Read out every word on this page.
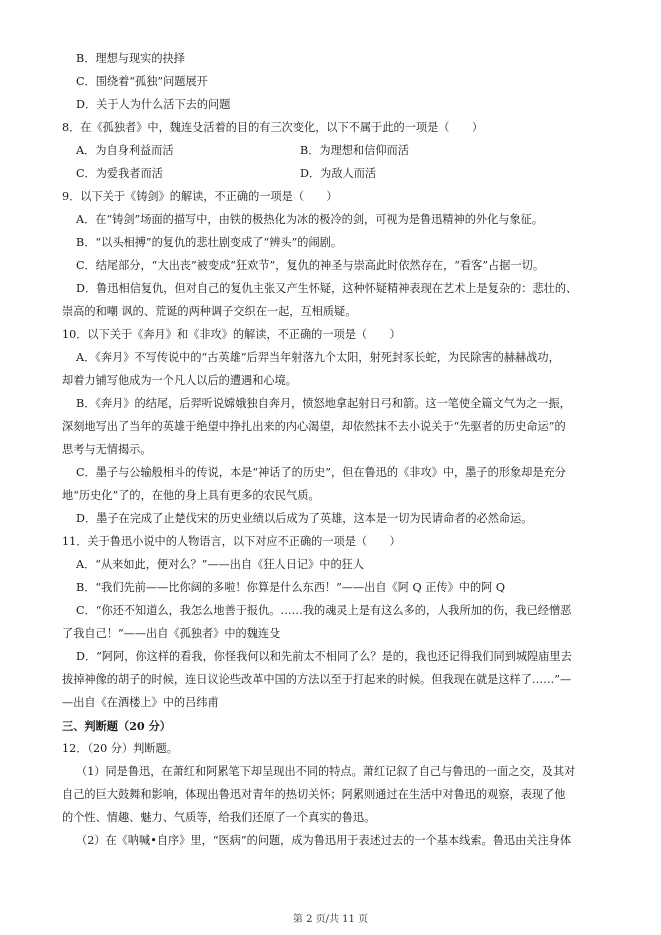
B．理想与现实的抉择
C．围绕着“孤独”问题展开
D．关于人为什么活下去的问题
8．在《孤独者》中，魏连殳活着的目的有三次变化，以下不属于此的一项是（　　）
A．为自身利益而活	B．为理想和信仰而活
C．为爱我者而活	D．为敌人而活
9．以下关于《铸剑》的解读，不正确的一项是（　　）
A．在“铸剑”场面的描写中，由铁的极热化为冰的极冷的剑，可视为是鲁迅精神的外化与象征。
B．“以头相搏”的复仇的悲壮剧变成了“辨头”的闹剧。
C．结尾部分，“大出丧”被变成“狂欢节”，复仇的神圣与崇高此时依然存在，“看客”占据一切。
D．鲁迅相信复仇，但对自己的复仇主张又产生怀疑，这种怀疑精神表现在艺术上是复杂的：悲壮的、
崇高的和嘲 讽的、荒诞的两种调子交织在一起，互相质疑。
10．以下关于《奔月》和《非攻》的解读，不正确的一项是（　　）
A．《奔月》不写传说中的“古英雄”后羿当年射落九个太阳，射死封豕长蛇，为民除害的赫赫战功，
却着力铺写他成为一个凡人以后的遭遇和心境。
B．《奔月》的结尾，后羿听说嫦娥独自奔月，愤怒地拿起射日弓和箭。这一笔使全篇文气为之一振，
深刻地写出了当年的英雄于绝望中挣扎出来的内心渴望，却依然抹不去小说关于“先驱者的历史命运”的
思考与无情揭示。
C．墨子与公输般相斗的传说，本是“神话了的历史”，但在鲁迅的《非攻》中，墨子的形象却是充分
地“历史化”了的，在他的身上具有更多的农民气质。
D．墨子在完成了止楚伐宋的历史业绩以后成为了英雄，这本是一切为民请命者的必然命运。
11．关于鲁迅小说中的人物语言，以下对应不正确的一项是（　　）
A．“从来如此，便对么？”——出自《狂人日记》中的狂人
B．“我们先前——比你阔的多啦！你算是什么东西！”——出自《阿 Q 正传》中的阿 Q
C．“你还不知道么，我怎么地善于报仇。……我的魂灵上是有这么多的，人我所加的伤，我已经憎恶
了我自己！”——出自《孤独者》中的魏连殳
D．“阿阿，你这样的看我，你怪我何以和先前太不相同了么？是的，我也还记得我们同到城隍庙里去
拔掉神像的胡子的时候，连日议论些改革中国的方法以至于打起来的时候。但我现在就是这样了……”—
—出自《在酒楼上》中的吕纬甫
三、判断题（20 分）
12．（20 分）判断题。
（1）同是鲁迅，在萧红和阿累笔下却呈现出不同的特点。萧红记叙了自己与鲁迅的一面之交，及其对
自己的巨大鼓舞和影响，体现出鲁迅对青年的热切关怀；阿累则通过在生活中对鲁迅的观察，表现了他
的个性、情趣、魅力、气质等，给我们还原了一个真实的鲁迅。
（2）在《呐喊•自序》里，“医病”的问题，成为鲁迅用于表述过去的一个基本线索。鲁迅由关注身体
第 2 页/共 11 页
